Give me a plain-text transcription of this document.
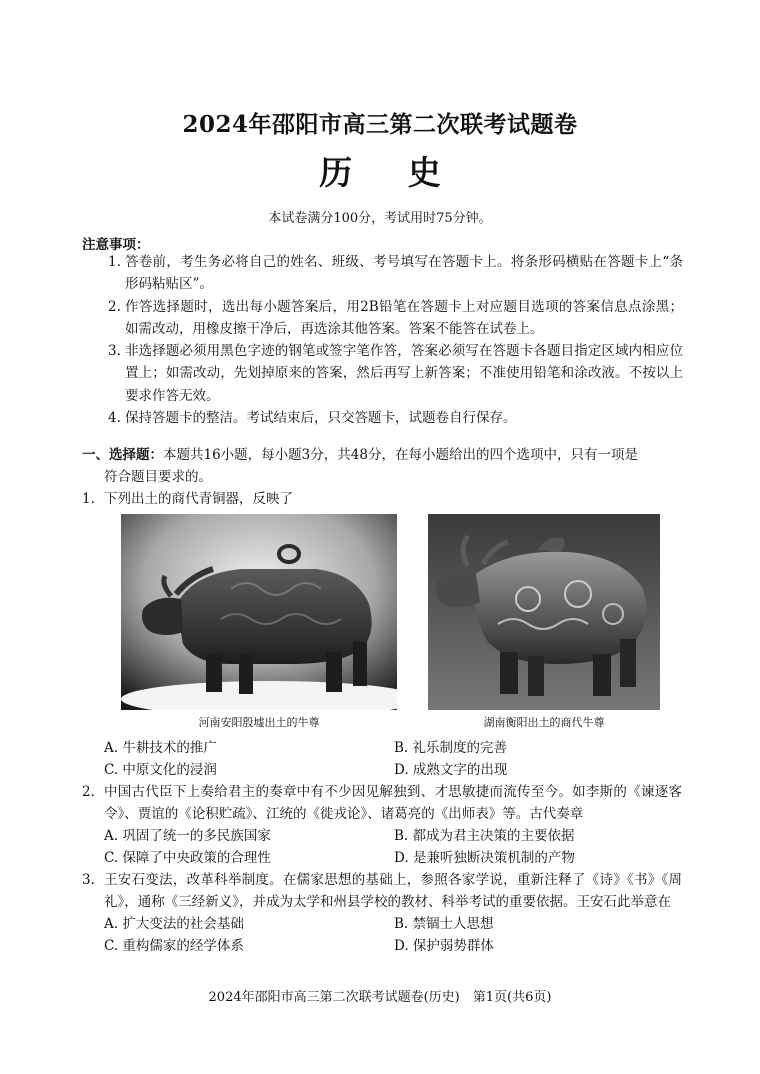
2024年邵阳市高三第二次联考试题卷
历 史
本试卷满分100分，考试用时75分钟。
注意事项：
1. 答卷前，考生务必将自己的姓名、班级、考号填写在答题卡上。将条形码横贴在答题卡上“条形码粘贴区”。
2. 作答选择题时，选出每小题答案后，用2B铅笔在答题卡上对应题目选项的答案信息点涂黑；如需改动，用橡皮擦干净后，再选涂其他答案。答案不能答在试卷上。
3. 非选择题必须用黑色字迹的钢笔或签字笔作答，答案必须写在答题卡各题目指定区域内相应位置上；如需改动，先划掉原来的答案，然后再写上新答案；不准使用铅笔和涂改液。不按以上要求作答无效。
4. 保持答题卡的整洁。考试结束后，只交答题卡，试题卷自行保存。
一、选择题：本题共16小题，每小题3分，共48分，在每小题给出的四个选项中，只有一项是
符合题目要求的。
1. 下列出土的商代青铜器，反映了
河南安阳殷墟出土的牛尊	湖南衡阳出土的商代牛尊
A. 牛耕技术的推广	B. 礼乐制度的完善
C. 中原文化的浸润	D. 成熟文字的出现
2. 中国古代臣下上奏给君主的奏章中有不少因见解独到、才思敏捷而流传至今。如李斯的《谏逐客令》、贾谊的《论积贮疏》、江统的《徙戎论》、诸葛亮的《出师表》等。古代奏章
A. 巩固了统一的多民族国家	B. 都成为君主决策的主要依据
C. 保障了中央政策的合理性	D. 是兼听独断决策机制的产物
3. 王安石变法，改革科举制度。在儒家思想的基础上，参照各家学说，重新注释了《诗》《书》《周礼》，通称《三经新义》，并成为太学和州县学校的教材、科举考试的重要依据。王安石此举意在
A. 扩大变法的社会基础	B. 禁锢士人思想
C. 重构儒家的经学体系	D. 保护弱势群体
2024年邵阳市高三第二次联考试题卷(历史)　第1页(共6页)
